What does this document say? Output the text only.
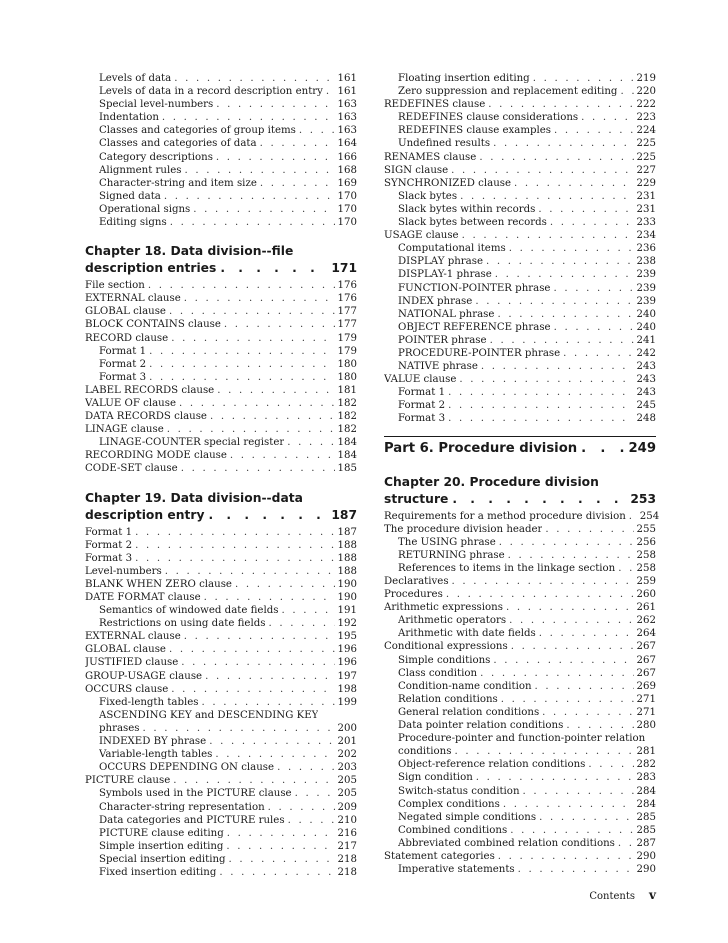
Levels of data . . .	161
Levels of data in a record description entry . . . 161
Special level-numbers . . .	163
Indentation . . .	163
Classes and categories of group items . . .	163
Classes and categories of data . . .	164
Category descriptions . . .	166
Alignment rules . . .	168
Character-string and item size . . .	169
Signed data . . .	170
Operational signs . . .	170
Editing signs . . .	170
Chapter 18. Data division--file
description entries . . .	171
File section . . .	176
EXTERNAL clause . . .	176
GLOBAL clause . . .	177
BLOCK CONTAINS clause . . .	177
RECORD clause . . .	179
Format 1 . . .	179
Format 2 . . .	180
Format 3 . . .	180
LABEL RECORDS clause . . .	181
VALUE OF clause . . .	182
DATA RECORDS clause . . .	182
LINAGE clause . . .	182
LINAGE-COUNTER special register . . .	184
RECORDING MODE clause . . .	184
CODE-SET clause . . .	185
Chapter 19. Data division--data
description entry . . .	187
Format 1 . . .	187
Format 2 . . .	188
Format 3 . . .	188
Level-numbers . . .	188
BLANK WHEN ZERO clause . . .	190
DATE FORMAT clause . . .	190
Semantics of windowed date fields . . .	191
Restrictions on using date fields . . .	192
EXTERNAL clause . . .	195
GLOBAL clause . . .	196
JUSTIFIED clause . . .	196
GROUP-USAGE clause . . .	197
OCCURS clause . . .	198
Fixed-length tables . . .	199
ASCENDING KEY and DESCENDING KEY
phrases . . .	200
INDEXED BY phrase . . .	201
Variable-length tables . . .	202
OCCURS DEPENDING ON clause . . .	203
PICTURE clause . . .	205
Symbols used in the PICTURE clause . . .	205
Character-string representation . . .	209
Data categories and PICTURE rules . . .	210
PICTURE clause editing . . .	216
Simple insertion editing . . .	217
Special insertion editing . . .	218
Fixed insertion editing . . .	218
Floating insertion editing . . .	219
Zero suppression and replacement editing . . . 220
REDEFINES clause . . .	222
REDEFINES clause considerations . . .	223
REDEFINES clause examples . . .	224
Undefined results . . .	225
RENAMES clause . . .	225
SIGN clause . . .	227
SYNCHRONIZED clause . . .	229
Slack bytes . . .	231
Slack bytes within records . . .	231
Slack bytes between records . . .	233
USAGE clause . . .	234
Computational items . . .	236
DISPLAY phrase . . .	238
DISPLAY-1 phrase . . .	239
FUNCTION-POINTER phrase . . .	239
INDEX phrase . . .	239
NATIONAL phrase . . .	240
OBJECT REFERENCE phrase . . .	240
POINTER phrase . . .	241
PROCEDURE-POINTER phrase . . .	242
NATIVE phrase . . .	243
VALUE clause . . .	243
Format 1 . . .	243
Format 2 . . .	245
Format 3 . . .	248
Part 6. Procedure division . . .	249
Chapter 20. Procedure division
structure . . .	253
Requirements for a method procedure division . . . 254
The procedure division header . . .	255
The USING phrase . . .	256
RETURNING phrase . . .	258
References to items in the linkage section . . . 258
Declaratives . . .	259
Procedures . . .	260
Arithmetic expressions . . .	261
Arithmetic operators . . .	262
Arithmetic with date fields . . .	264
Conditional expressions . . .	267
Simple conditions . . .	267
Class condition . . .	267
Condition-name condition . . .	269
Relation conditions . . .	271
General relation conditions . . .	271
Data pointer relation conditions . . .	280
Procedure-pointer and function-pointer relation
conditions . . .	281
Object-reference relation conditions . . .	282
Sign condition . . .	283
Switch-status condition . . .	284
Complex conditions . . .	284
Negated simple conditions . . .	285
Combined conditions . . .	285
Abbreviated combined relation conditions . . . 287
Statement categories . . .	290
Imperative statements . . .	290
Contents v
